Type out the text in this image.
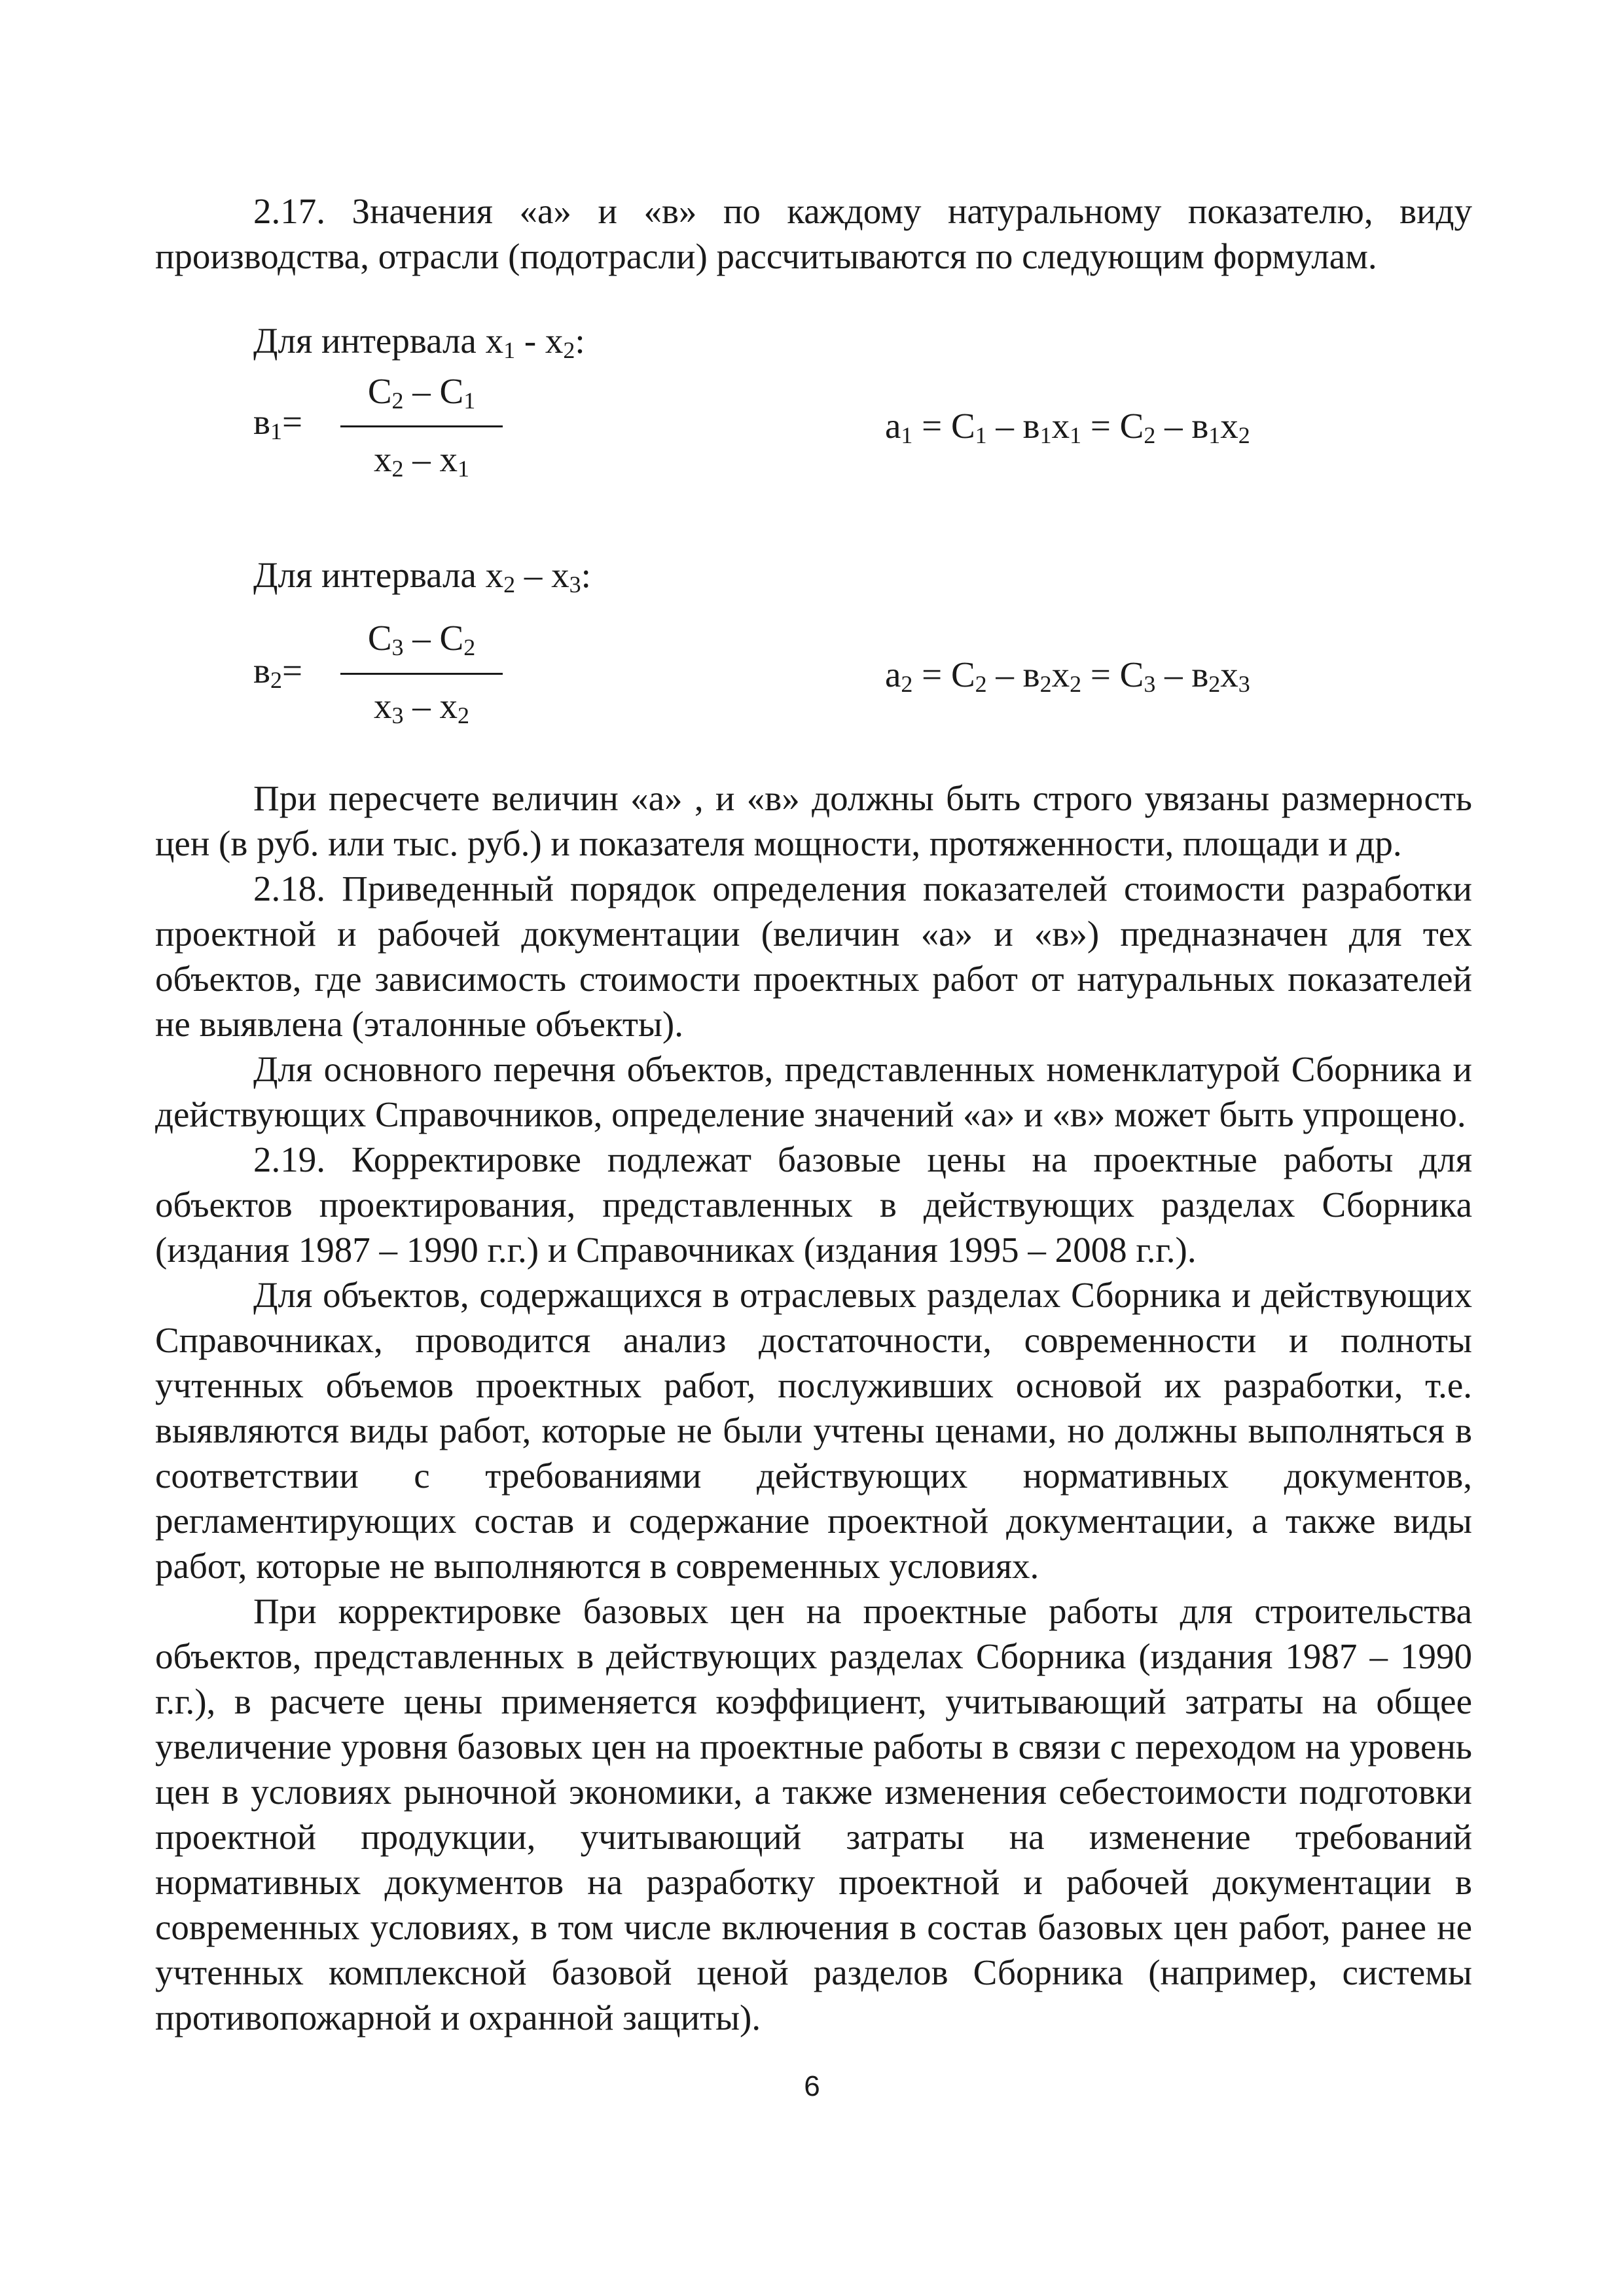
2.17. Значения «а» и «в» по каждому натуральному показателю, виду производства, отрасли (подотрасли) рассчитываются по следующим формулам.

Для интервала $x_1 - x_2$:
$в_1=$
$С_2 - С_1$
$x_2 - x_1$
$а_1 = С_1 - в_1x_1 = С_2 - в_1x_2$
Для интервала $x_2 - x_3$:
$в_2=$
$С_3 - С_2$
$x_3 - x_2$
$а_2 = С_2 - в_2x_2 = С_3 - в_2x_3$

При пересчете величин «а» , и «в» должны быть строго увязаны размерность цен (в руб. или тыс. руб.) и показателя мощности, протяженности, площади и др.

2.18. Приведенный порядок определения показателей стоимости разработки проектной и рабочей документации (величин «а» и «в») предназначен для тех объектов, где зависимость стоимости проектных работ от натуральных показателей не выявлена (эталонные объекты).

Для основного перечня объектов, представленных номенклатурой Сборника и действующих Справочников, определение значений «а» и «в» может быть упрощено.

2.19. Корректировке подлежат базовые цены на проектные работы для объектов проектирования, представленных в действующих разделах Сборника (издания 1987 – 1990 г.г.) и Справочниках (издания 1995 – 2008 г.г.).

Для объектов, содержащихся в отраслевых разделах Сборника и действующих Справочниках, проводится анализ достаточности, современности и полноты учтенных объемов проектных работ, послуживших основой их разработки, т.е. выявляются виды работ, которые не были учтены ценами, но должны выполняться в соответствии с требованиями действующих нормативных документов, регламентирующих состав и содержание проектной документации, а также виды работ, которые не выполняются в современных условиях.

При корректировке базовых цен на проектные работы для строительства объектов, представленных в действующих разделах Сборника (издания 1987 – 1990 г.г.), в расчете цены применяется коэффициент, учитывающий затраты на общее увеличение уровня базовых цен на проектные работы в связи с переходом на уровень цен в условиях рыночной экономики, а также изменения себестоимости подготовки проектной продукции, учитывающий затраты на изменение требований нормативных документов на разработку проектной и рабочей документации в современных условиях, в том числе включения в состав базовых цен работ, ранее не учтенных комплексной базовой ценой разделов Сборника (например, системы противопожарной и охранной защиты).

6
